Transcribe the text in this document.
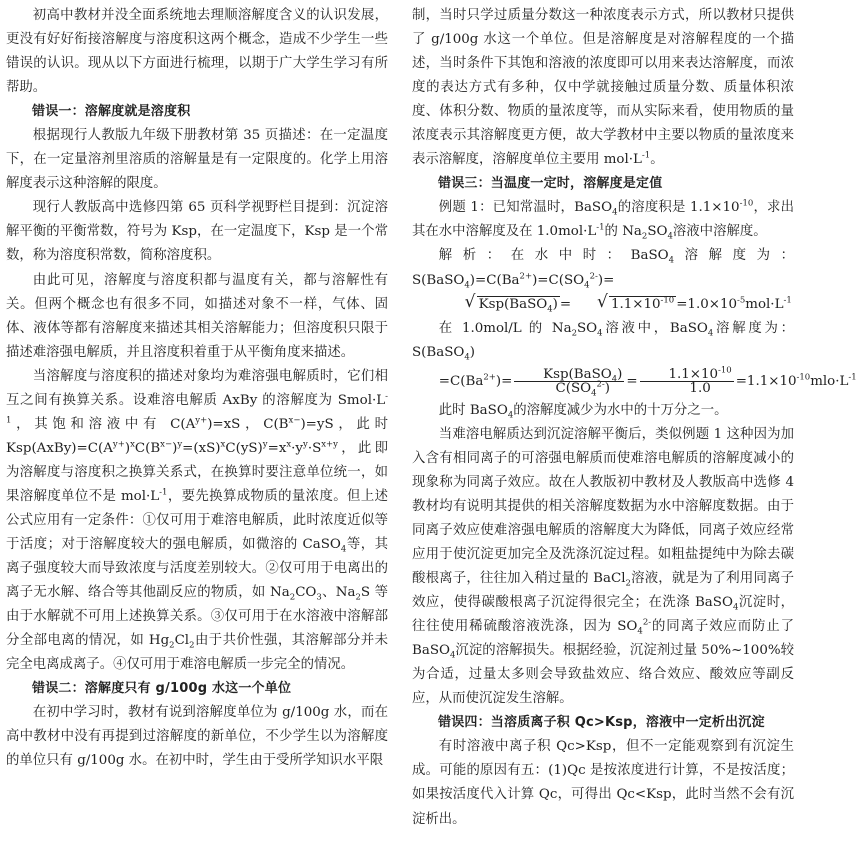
初高中教材并没全面系统地去理顺溶解度含义的认识发展，更没有好好衔接溶解度与溶度积这两个概念，造成不少学生一些错误的认识。现从以下方面进行梳理，以期于广大学生学习有所帮助。

错误一：溶解度就是溶度积

根据现行人教版九年级下册教材第 35 页描述：在一定温度下，在一定量溶剂里溶质的溶解量是有一定限度的。化学上用溶解度表示这种溶解的限度。

现行人教版高中选修四第 65 页科学视野栏目提到：沉淀溶解平衡的平衡常数，符号为 Ksp，在一定温度下，Ksp 是一个常数，称为溶度积常数，简称溶度积。

由此可见，溶解度与溶度积都与温度有关，都与溶解性有关。但两个概念也有很多不同，如描述对象不一样，气体、固体、液体等都有溶解度来描述其相关溶解能力；但溶度积只限于描述难溶强电解质，并且溶度积着重于从平衡角度来描述。

当溶解度与溶度积的描述对象均为难溶强电解质时，它们相互之间有换算关系。设难溶电解质 AxBy 的溶解度为 $Smol\cdot L^{-1}$，其饱和溶液中有 $C(A^{y+})=xS$，$C(B^{x-})=yS$，此时 $Ksp(AxBy)=C(A^{y+})^xC(B^{x-})^y=(xS)^xC(yS)^y=x^x\cdot y^y\cdot S^{x+y}$，此即为溶解度与溶度积之换算关系式，在换算时要注意单位统一，如果溶解度单位不是 $mol\cdot L^{-1}$，要先换算成物质的量浓度。但上述公式应用有一定条件：①仅可用于难溶电解质，此时浓度近似等于活度；对于溶解度较大的强电解质，如微溶的 CaSO$_4$等，其离子强度较大而导致浓度与活度差别较大。②仅可用于电离出的离子无水解、络合等其他副反应的物质，如 $Na_2CO_3$、$Na_2S$ 等由于水解就不可用上述换算关系。③仅可用于在水溶液中溶解部分全部电离的情况，如 $Hg_2Cl_2$由于共价性强，其溶解部分并未完全电离成离子。④仅可用于难溶电解质一步完全的情况。

错误二：溶解度只有 g/100g 水这一个单位

在初中学习时，教材有说到溶解度单位为 g/100g 水，而在高中教材中没有再提到过溶解度的新单位，不少学生以为溶解度的单位只有 g/100g 水。在初中时，学生由于受所学知识水平限

制，当时只学过质量分数这一种浓度表示方式，所以教材只提供了 g/100g 水这一个单位。但是溶解度是对溶解程度的一个描述，当时条件下其饱和溶液的浓度即可以用来表达溶解度，而浓度的表达方式有多种，仅中学就接触过质量分数、质量体积浓度、体积分数、物质的量浓度等，而从实际来看，使用物质的量浓度表示其溶解度更方便，故大学教材中主要以物质的量浓度来表示溶解度，溶解度单位主要用 $mol\cdot L^{-1}$。

错误三：当温度一定时，溶解度是定值

例题 1：已知常温时，BaSO$_4$的溶度积是 $1.1\times 10^{-10}$，求出其在水中溶解度及在 $1.0mol\cdot L^{-1}$的 $Na_2SO_4$溶液中溶解度。

解析：在水中时：BaSO$_4$溶解度为：$S(BaSO_4)=C(Ba^{2+})=C(SO_4^{2-})=$

√ Ksp(BaSO$_4$) =√	$1.1\times 10^{-10} =1.0\times 10^{-5}mol\cdot L^{-1}$

在 1.0mol/L 的 $Na_2SO_4$溶液中，BaSO$_4$溶解度为：S(BaSO$_4$)

$=C(Ba^{2+})= \frac{Ksp(BaSO_4)}{C(SO_4^{2-})} = \frac{1.1\times 10^{-10}}{1.0} =1.1\times 10^{-10}mlo\cdot L^{-1}$

此时 BaSO$_4$的溶解度减少为水中的十万分之一。

当难溶电解质达到沉淀溶解平衡后，类似例题 1 这种因为加入含有相同离子的可溶强电解质而使难溶电解质的溶解度减小的现象称为同离子效应。故在人教版初中教材及人教版高中选修 4 教材均有说明其提供的相关溶解度数据为水中溶解度数据。由于同离子效应使难溶强电解质的溶解度大为降低，同离子效应经常应用于使沉淀更加完全及洗涤沉淀过程。如粗盐提纯中为除去碳酸根离子，往往加入稍过量的 BaCl$_2$溶液，就是为了利用同离子效应，使得碳酸根离子沉淀得很完全；在洗涤 BaSO$_4$沉淀时，往往使用稀硫酸溶液洗涤，因为 $SO_4^{2-}$的同离子效应而防止了 BaSO$_4$沉淀的溶解损失。根据经验，沉淀剂过量 50%~100%较为合适，过量太多则会导致盐效应、络合效应、酸效应等副反应，从而使沉淀发生溶解。

错误四：当溶质离子积 Qc>Ksp，溶液中一定析出沉淀

有时溶液中离子积 Qc>Ksp，但不一定能观察到有沉淀生成。可能的原因有五：(1)Qc 是按浓度进行计算，不是按活度；如果按活度代入计算 Qc，可得出 Qc<Ksp，此时当然不会有沉淀析出。
